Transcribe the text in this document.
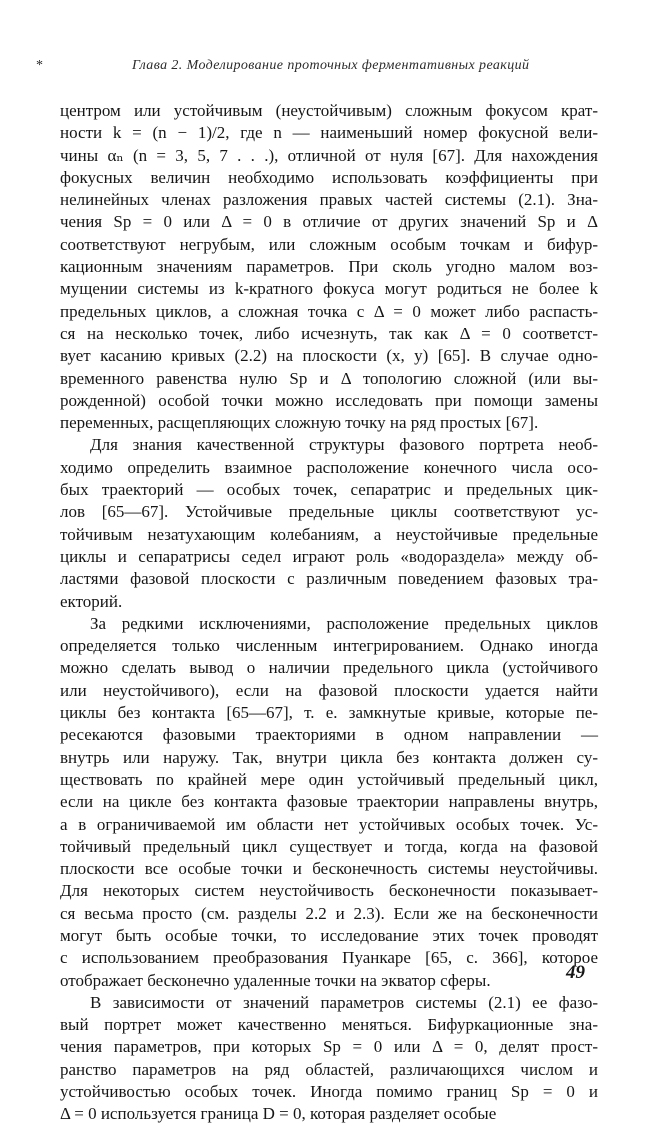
*	Глава 2. Моделирование проточных ферментативных реакций
центром или устойчивым (неустойчивым) сложным фокусом крат-
ности k = (n − 1)/2, где n — наименьший номер фокусной вели-
чины αₙ (n = 3, 5, 7 . . .), отличной от нуля [67]. Для нахождения
фокусных величин необходимо использовать коэффициенты при
нелинейных членах разложения правых частей системы (2.1). Зна-
чения Sp = 0 или Δ = 0 в отличие от других значений Sp и Δ
соответствуют негрубым, или сложным особым точкам и бифур-
кационным значениям параметров. При сколь угодно малом воз-
мущении системы из k-кратного фокуса могут родиться не более k
предельных циклов, а сложная точка с Δ = 0 может либо распасть-
ся на несколько точек, либо исчезнуть, так как Δ = 0 соответст-
вует касанию кривых (2.2) на плоскости (x, y) [65]. В случае одно-
временного равенства нулю Sp и Δ топологию сложной (или вы-
рожденной) особой точки можно исследовать при помощи замены
переменных, расщепляющих сложную точку на ряд простых [67].
Для знания качественной структуры фазового портрета необ-
ходимо определить взаимное расположение конечного числа осо-
бых траекторий — особых точек, сепаратрис и предельных цик-
лов [65—67]. Устойчивые предельные циклы соответствуют ус-
тойчивым незатухающим колебаниям, а неустойчивые предельные
циклы и сепаратрисы седел играют роль «водораздела» между об-
ластями фазовой плоскости с различным поведением фазовых тра-
екторий.
За редкими исключениями, расположение предельных циклов
определяется только численным интегрированием. Однако иногда
можно сделать вывод о наличии предельного цикла (устойчивого
или неустойчивого), если на фазовой плоскости удается найти
циклы без контакта [65—67], т. е. замкнутые кривые, которые пе-
ресекаются фазовыми траекториями в одном направлении —
внутрь или наружу. Так, внутри цикла без контакта должен су-
ществовать по крайней мере один устойчивый предельный цикл,
если на цикле без контакта фазовые траектории направлены внутрь,
а в ограничиваемой им области нет устойчивых особых точек. Ус-
тойчивый предельный цикл существует и тогда, когда на фазовой
плоскости все особые точки и бесконечность системы неустойчивы.
Для некоторых систем неустойчивость бесконечности показывает-
ся весьма просто (см. разделы 2.2 и 2.3). Если же на бесконечности
могут быть особые точки, то исследование этих точек проводят
с использованием преобразования Пуанкаре [65, с. 366], которое
отображает бесконечно удаленные точки на экватор сферы.
В зависимости от значений параметров системы (2.1) ее фазо-
вый портрет может качественно меняться. Бифуркационные зна-
чения параметров, при которых Sp = 0 или Δ = 0, делят прост-
ранство параметров на ряд областей, различающихся числом и
устойчивостью особых точек. Иногда помимо границ Sp = 0 и
Δ = 0 используется граница D = 0, которая разделяет особые
49
